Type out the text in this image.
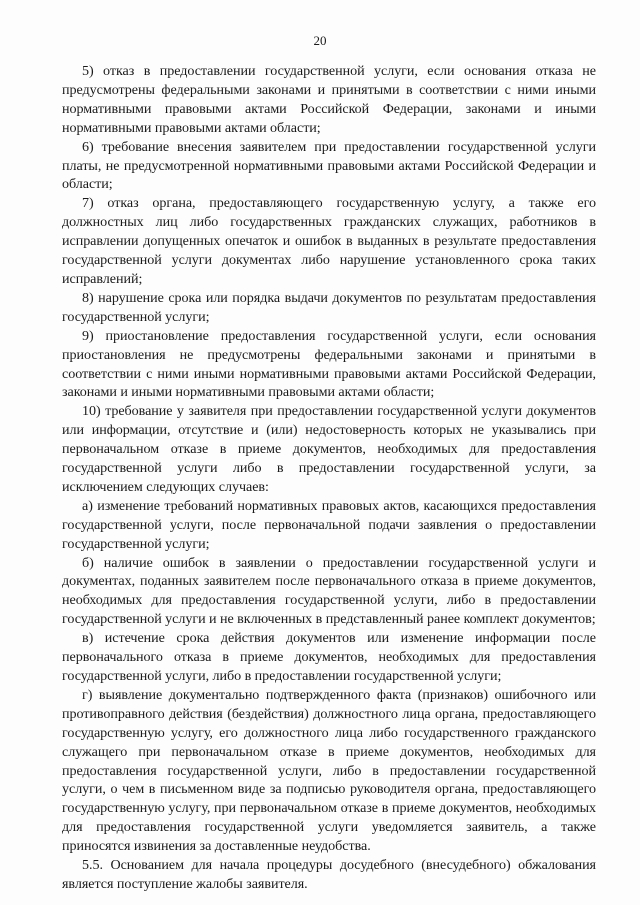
20

5) отказ в предоставлении государственной услуги, если основания отказа не предусмотрены федеральными законами и принятыми в соответствии с ними иными нормативными правовыми актами Российской Федерации, законами и иными нормативными правовыми актами области;

6) требование внесения заявителем при предоставлении государственной услуги платы, не предусмотренной нормативными правовыми актами Российской Федерации и области;

7) отказ органа, предоставляющего государственную услугу, а также его должностных лиц либо государственных гражданских служащих, работников в исправлении допущенных опечаток и ошибок в выданных в результате предоставления государственной услуги документах либо нарушение установленного срока таких исправлений;

8) нарушение срока или порядка выдачи документов по результатам предоставления государственной услуги;

9) приостановление предоставления государственной услуги, если основания приостановления не предусмотрены федеральными законами и принятыми в соответствии с ними иными нормативными правовыми актами Российской Федерации, законами и иными нормативными правовыми актами области;

10) требование у заявителя при предоставлении государственной услуги документов или информации, отсутствие и (или) недостоверность которых не указывались при первоначальном отказе в приеме документов, необходимых для предоставления государственной услуги либо в предоставлении государственной услуги, за исключением следующих случаев:

а) изменение требований нормативных правовых актов, касающихся предоставления государственной услуги, после первоначальной подачи заявления о предоставлении государственной услуги;

б) наличие ошибок в заявлении о предоставлении государственной услуги и документах, поданных заявителем после первоначального отказа в приеме документов, необходимых для предоставления государственной услуги, либо в предоставлении государственной услуги и не включенных в представленный ранее комплект документов;

в) истечение срока действия документов или изменение информации после первоначального отказа в приеме документов, необходимых для предоставления государственной услуги, либо в предоставлении государственной услуги;

г) выявление документально подтвержденного факта (признаков) ошибочного или противоправного действия (бездействия) должностного лица органа, предоставляющего государственную услугу, его должностного лица либо государственного гражданского служащего при первоначальном отказе в приеме документов, необходимых для предоставления государственной услуги, либо в предоставлении государственной услуги, о чем в письменном виде за подписью руководителя органа, предоставляющего государственную услугу, при первоначальном отказе в приеме документов, необходимых для предоставления государственной услуги уведомляется заявитель, а также приносятся извинения за доставленные неудобства.

5.5. Основанием для начала процедуры досудебного (внесудебного) обжалования является поступление жалобы заявителя.
